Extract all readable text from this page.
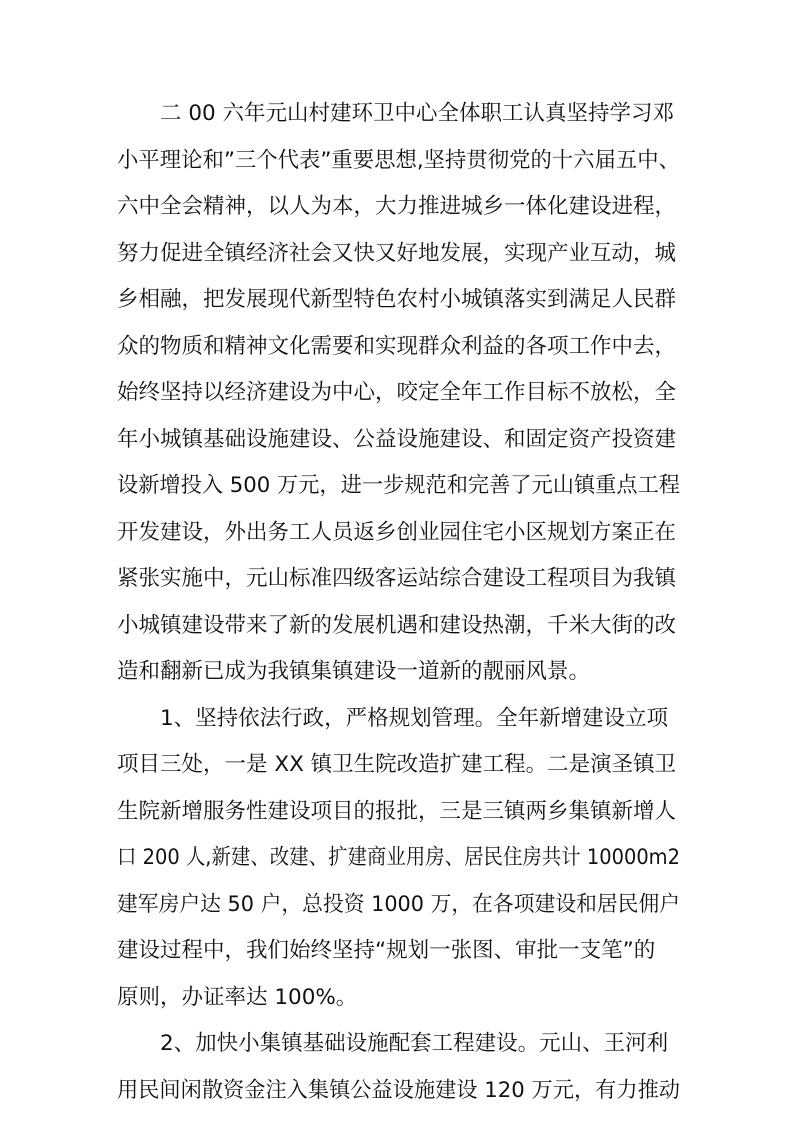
二 00 六年元山村建环卫中心全体职工认真坚持学习邓
小平理论和”三个代表”重要思想,坚持贯彻党的十六届五中、
六中全会精神，以人为本，大力推进城乡一体化建设进程，
努力促进全镇经济社会又快又好地发展，实现产业互动，城
乡相融，把发展现代新型特色农村小城镇落实到满足人民群
众的物质和精神文化需要和实现群众利益的各项工作中去，
始终坚持以经济建设为中心，咬定全年工作目标不放松，全
年小城镇基础设施建设、公益设施建设、和固定资产投资建
设新增投入 500 万元，进一步规范和完善了元山镇重点工程
开发建设，外出务工人员返乡创业园住宅小区规划方案正在
紧张实施中，元山标准四级客运站综合建设工程项目为我镇
小城镇建设带来了新的发展机遇和建设热潮，千米大街的改
造和翻新已成为我镇集镇建设一道新的靓丽风景。
1、坚持依法行政，严格规划管理。全年新增建设立项
项目三处，一是 XX 镇卫生院改造扩建工程。二是演圣镇卫
生院新增服务性建设项目的报批，三是三镇两乡集镇新增人
口 200 人,新建、改建、扩建商业用房、居民住房共计 10000m2
建军房户达 50 户，总投资 1000 万，在各项建设和居民佣户
建设过程中，我们始终坚持“规划一张图、审批一支笔”的
原则，办证率达 100%。
2、加快小集镇基础设施配套工程建设。元山、王河利
用民间闲散资金注入集镇公益设施建设 120 万元，有力推动
